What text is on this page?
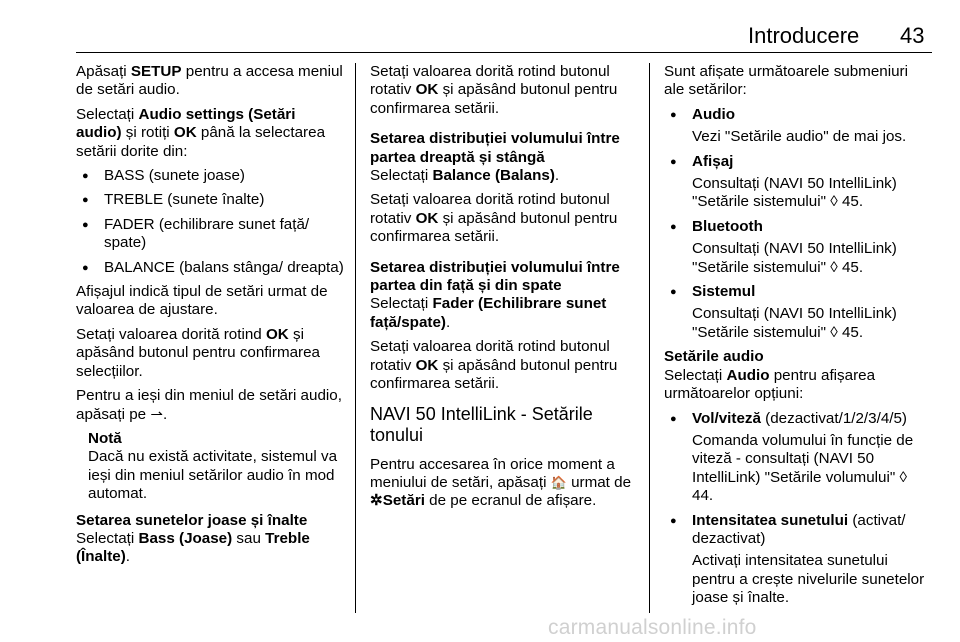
Introducere 43

Apăsați SETUP pentru a accesa meniul de setări audio.

Selectați Audio settings (Setări audio) și rotiți OK până la selectarea setării dorite din:

● BASS (sunete joase)
● TREBLE (sunete înalte)
● FADER (echilibrare sunet față/ spate)
● BALANCE (balans stânga/ dreapta)

Afișajul indică tipul de setări urmat de valoarea de ajustare.

Setați valoarea dorită rotind OK și apăsând butonul pentru confirmarea selecțiilor.

Pentru a ieși din meniul de setări audio, apăsați pe ⇀.

Notă
Dacă nu există activitate, sistemul va ieși din meniul setărilor audio în mod automat.
Setarea sunetelor joase și înalte

Selectați Bass (Joase) sau Treble (Înalte).

Setați valoarea dorită rotind butonul rotativ OK și apăsând butonul pentru confirmarea setării.

Setarea distribuției volumului între partea dreaptă și stângă

Selectați Balance (Balans).

Setați valoarea dorită rotind butonul rotativ OK și apăsând butonul pentru confirmarea setării.

Setarea distribuției volumului între partea din față și din spate

Selectați Fader (Echilibrare sunet față/spate).

Setați valoarea dorită rotind butonul rotativ OK și apăsând butonul pentru confirmarea setării.

NAVI 50 IntelliLink - Setările tonului

Pentru accesarea în orice moment a meniului de setări, apăsați 🏠 urmat de ✲Setări de pe ecranul de afișare.

Sunt afișate următoarele submeniuri ale setărilor:

● Audio
Vezi "Setările audio" de mai jos.
● Afișaj
Consultați (NAVI 50 IntelliLink) "Setările sistemului" ◊ 45.
● Bluetooth
Consultați (NAVI 50 IntelliLink) "Setările sistemului" ◊ 45.
● Sistemul
Consultați (NAVI 50 IntelliLink) "Setările sistemului" ◊ 45.
Setările audio

Selectați Audio pentru afișarea următoarelor opțiuni:

● Vol/viteză (dezactivat/1/2/3/4/5)
Comanda volumului în funcție de viteză - consultați (NAVI 50 IntelliLink) "Setările volumului" ◊ 44.
● Intensitatea sunetului (activat/ dezactivat)
Activați intensitatea sunetului pentru a crește nivelurile sunetelor joase și înalte.
carmanualsonline.info
